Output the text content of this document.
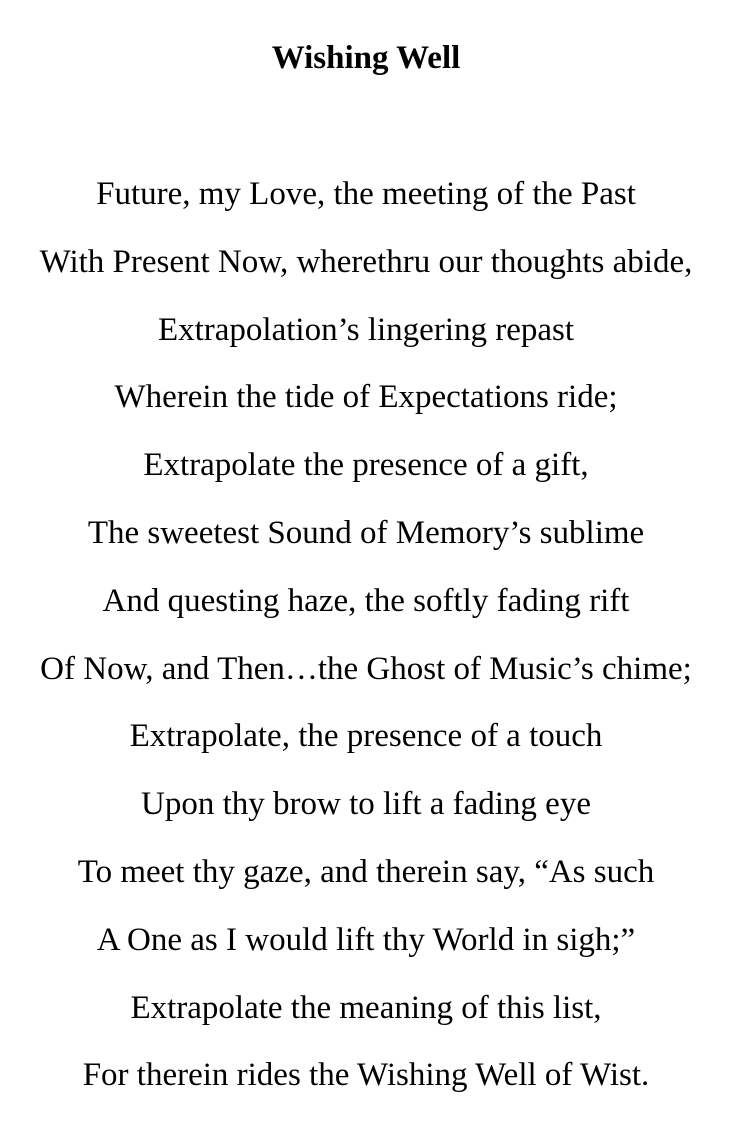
Wishing Well
Future, my Love, the meeting of the Past
With Present Now, wherethru our thoughts abide,
Extrapolation’s lingering repast
Wherein the tide of Expectations ride;
Extrapolate the presence of a gift,
The sweetest Sound of Memory’s sublime
And questing haze, the softly fading rift
Of Now, and Then…the Ghost of Music’s chime;
Extrapolate, the presence of a touch
Upon thy brow to lift a fading eye
To meet thy gaze, and therein say, “As such
A One as I would lift thy World in sigh;”
Extrapolate the meaning of this list,
For therein rides the Wishing Well of Wist.
